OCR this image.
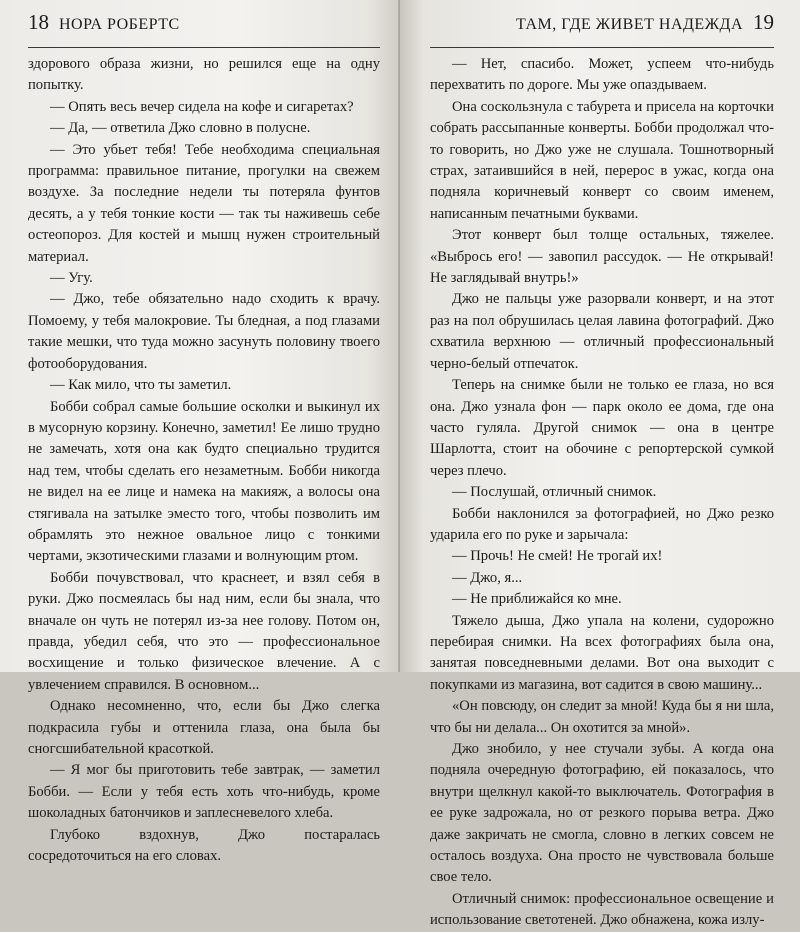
18 НОРА РОБЕРТС

здорового образа жизни, но решился еще на одну попытку.

— Опять весь вечер сидела на кофе и сигаретах?

— Да, — ответила Джо словно в полусне.

— Это убьет тебя! Тебе необходима специальная программа: правильное питание, прогулки на свежем воздухе. За последние недели ты потеряла фунтов десять, а у тебя тонкие кости — так ты наживешь себе остеопороз. Для костей и мышц нужен строительный материал.

— Угу.

— Джо, тебе обязательно надо сходить к врачу. Помоему, у тебя малокровие. Ты бледная, а под глазами такие мешки, что туда можно засунуть половину твоего фотооборудования.

— Как мило, что ты заметил.

Бобби собрал самые большие осколки и выкинул их в мусорную корзину. Конечно, заметил! Еe лишо трудно не замечать, хотя она как будто специально трудится над тем, чтобы сделать его незаметным. Бобби никогда не видел на ее лице и намека на макияж, а волосы она стягивала на затылке эместо того, чтобы позволить им обрамлять это нежное овальное лицо с тонкими чертами, экзотическими глазами и волнующим ртом.

Бобби почувствовал, что краснеет, и взял себя в руки. Джо посмеялась бы над ним, если бы знала, что вначале он чуть не потерял из-за нее голову. Потом он, правда, убедил себя, что это — профессиональное восхищение и только физическое влечение. А с увлечением справился. В основном...

Однако несомненно, что, если бы Джо слегка подкрасила губы и оттенила глаза, она была бы сногсшибательной красоткой.

— Я мог бы приготовить тебе завтрак, — заметил Бобби. — Если у тебя есть хоть что-нибудь, кроме шоколадных батончиков и заплесневелого хлеба.

Глубоко вздохнув, Джо постаралась сосредоточиться на его словах.

ТАМ, ГДЕ ЖИВЕТ НАДЕЖДА 19

— Нет, спасибо. Может, успеем что-нибудь перехватить по дороге. Мы уже опаздываем.

Она соскользнула с табурета и присела на корточки собрать рассыпанные конверты. Бобби продолжал что-то говорить, но Джо уже не слушала. Тошнотворный страх, затаившийся в ней, перерос в ужас, когда она подняла коричневый конверт со своим именем, написанным печатными буквами.

Этот конверт был толще остальных, тяжелее. «Выбрось его! — завопил рассудок. — Не открывай! Не заглядывай внутрь!»

Джо не пальцы уже разорвали конверт, и на этот раз на пол обрушилась целая лавина фотографий. Джо схватила верхнюю — отличный профессиональный черно-белый отпечаток.

Теперь на снимке были не только ее глаза, но вся она. Джо узнала фон — парк около ее дома, где она часто гуляла. Другой снимок — она в центре Шарлотта, стоит на обочине с репортерской сумкой через плечо.

— Послушай, отличный снимок.

Бобби наклонился за фотографией, но Джо резко ударила его по руке и зарычала:

— Прочь! Не смей! Не трогай их!

— Джо, я...

— Не приближайся ко мне.

Тяжело дыша, Джо упала на колени, судорожно перебирая снимки. На всех фотографиях была она, занятая повседневными делами. Вот она выходит с покупками из магазина, вот садится в свою машину...

«Он повсюду, он следит за мной! Куда бы я ни шла, что бы ни делала... Он охотится за мной».

Джо знобило, у нее стучали зубы. А когда она подняла очередную фотографию, ей показалось, что внутри щелкнул какой-то выключатель. Фотография в ее руке задрожала, но от резкого порыва ветра. Джо даже закричать не смогла, словно в легких совсем не осталось воздуха. Она просто не чувствовала больше свое тело.

Отличный снимок: профессиональное освещение и использование светотеней. Джо обнажена, кожа излу-
